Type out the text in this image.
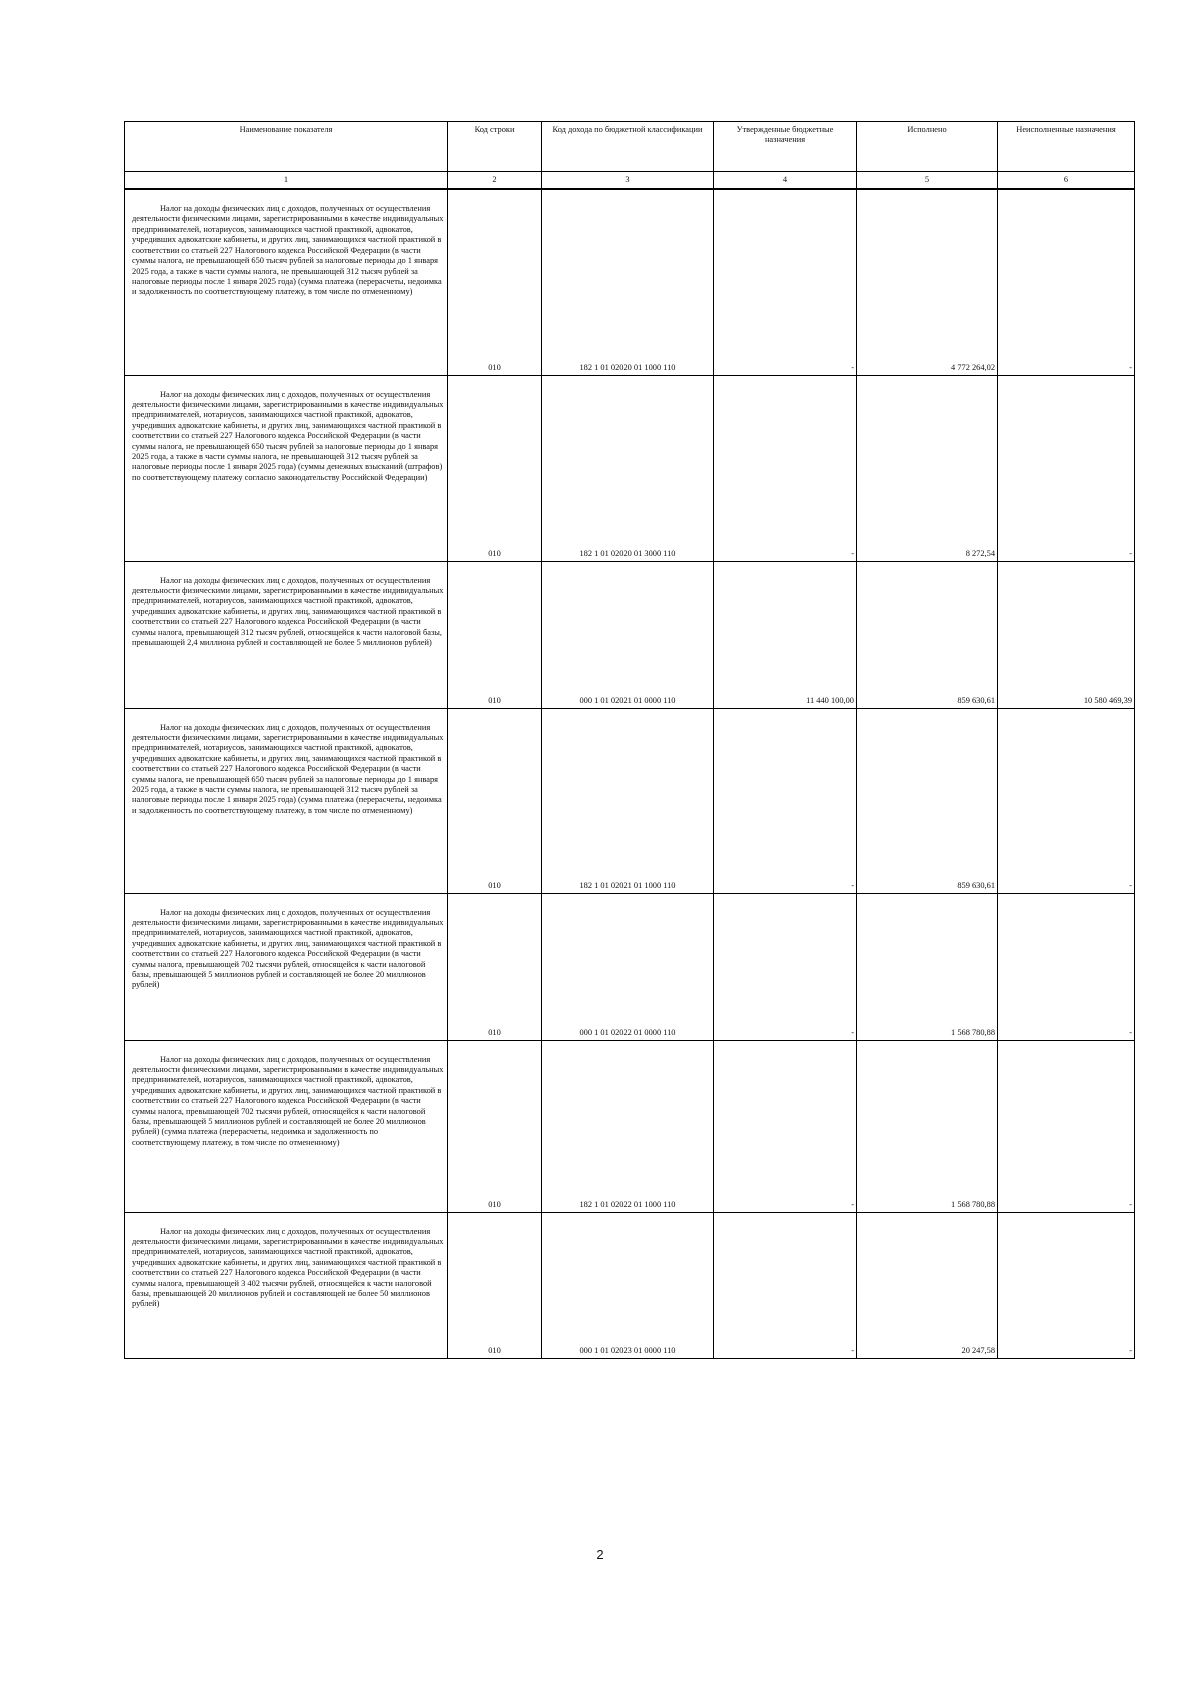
Наименование показателя	Код строки	Код дохода по бюджетной классификации	Утвержденные бюджетные назначения	Исполнено	Неисполненные назначения
1	2	3	4	5	6

Налог на доходы физических лиц с доходов, полученных от осуществления деятельности физическими лицами, зарегистрированными в качестве индивидуальных предпринимателей, нотариусов, занимающихся частной практикой, адвокатов, учредивших адвокатские кабинеты, и других лиц, занимающихся частной практикой в соответствии со статьей 227 Налогового кодекса Российской Федерации (в части суммы налога, не превышающей 650 тысяч рублей за налоговые периоды до 1 января 2025 года, а также в части суммы налога, не превышающей 312 тысяч рублей за налоговые периоды после 1 января 2025 года) (сумма платежа (перерасчеты, недоимка и задолженность по соответствующему платежу, в том числе по отмененному)	010	182 1 01 02020 01 1000 110	-	4 772 264,02	-

Налог на доходы физических лиц с доходов, полученных от осуществления деятельности физическими лицами, зарегистрированными в качестве индивидуальных предпринимателей, нотариусов, занимающихся частной практикой, адвокатов, учредивших адвокатские кабинеты, и других лиц, занимающихся частной практикой в соответствии со статьей 227 Налогового кодекса Российской Федерации (в части суммы налога, не превышающей 650 тысяч рублей за налоговые периоды до 1 января 2025 года, а также в части суммы налога, не превышающей 312 тысяч рублей за налоговые периоды после 1 января 2025 года) (суммы денежных взысканий (штрафов) по соответствующему платежу согласно законодательству Российской Федерации)	010	182 1 01 02020 01 3000 110	-	8 272,54	-

Налог на доходы физических лиц с доходов, полученных от осуществления деятельности физическими лицами, зарегистрированными в качестве индивидуальных предпринимателей, нотариусов, занимающихся частной практикой, адвокатов, учредивших адвокатские кабинеты, и других лиц, занимающихся частной практикой в соответствии со статьей 227 Налогового кодекса Российской Федерации (в части суммы налога, превышающей 312 тысяч рублей, относящейся к части налоговой базы, превышающей 2,4 миллиона рублей и составляющей не более 5 миллионов рублей)	010	000 1 01 02021 01 0000 110	11 440 100,00	859 630,61	10 580 469,39

Налог на доходы физических лиц с доходов, полученных от осуществления деятельности физическими лицами, зарегистрированными в качестве индивидуальных предпринимателей, нотариусов, занимающихся частной практикой, адвокатов, учредивших адвокатские кабинеты, и других лиц, занимающихся частной практикой в соответствии со статьей 227 Налогового кодекса Российской Федерации (в части суммы налога, не превышающей 650 тысяч рублей за налоговые периоды до 1 января 2025 года, а также в части суммы налога, не превышающей 312 тысяч рублей за налоговые периоды после 1 января 2025 года) (сумма платежа (перерасчеты, недоимка и задолженность по соответствующему платежу, в том числе по отмененному)	010	182 1 01 02021 01 1000 110	-	859 630,61	-

Налог на доходы физических лиц с доходов, полученных от осуществления деятельности физическими лицами, зарегистрированными в качестве индивидуальных предпринимателей, нотариусов, занимающихся частной практикой, адвокатов, учредивших адвокатские кабинеты, и других лиц, занимающихся частной практикой в соответствии со статьей 227 Налогового кодекса Российской Федерации (в части суммы налога, превышающей 702 тысячи рублей, относящейся к части налоговой базы, превышающей 5 миллионов рублей и составляющей не более 20 миллионов рублей)	010	000 1 01 02022 01 0000 110	-	1 568 780,88	-

Налог на доходы физических лиц с доходов, полученных от осуществления деятельности физическими лицами, зарегистрированными в качестве индивидуальных предпринимателей, нотариусов, занимающихся частной практикой, адвокатов, учредивших адвокатские кабинеты, и других лиц, занимающихся частной практикой в соответствии со статьей 227 Налогового кодекса Российской Федерации (в части суммы налога, превышающей 702 тысячи рублей, относящейся к части налоговой базы, превышающей 5 миллионов рублей и составляющей не более 20 миллионов рублей) (сумма платежа (перерасчеты, недоимка и задолженность по соответствующему платежу, в том числе по отмененному)	010	182 1 01 02022 01 1000 110	-	1 568 780,88	-

Налог на доходы физических лиц с доходов, полученных от осуществления деятельности физическими лицами, зарегистрированными в качестве индивидуальных предпринимателей, нотариусов, занимающихся частной практикой, адвокатов, учредивших адвокатские кабинеты, и других лиц, занимающихся частной практикой в соответствии со статьей 227 Налогового кодекса Российской Федерации (в части суммы налога, превышающей 3 402 тысячи рублей, относящейся к части налоговой базы, превышающей 20 миллионов рублей и составляющей не более 50 миллионов рублей)	010	000 1 01 02023 01 0000 110	-	20 247,58	-
2
